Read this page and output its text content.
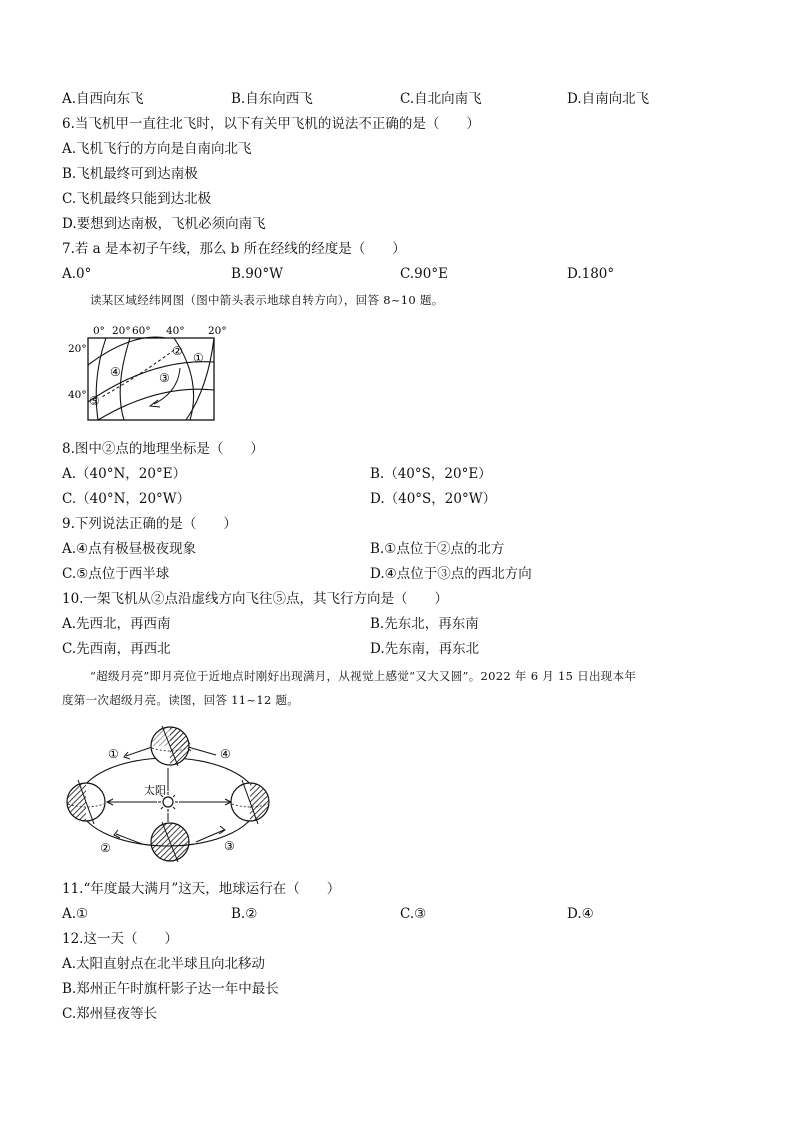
A.自西向东飞	B.自东向西飞	C.自北向南飞	D.自南向北飞
6.当飞机甲一直往北飞时，以下有关甲飞机的说法不正确的是（　　）
A.飞机飞行的方向是自南向北飞
B.飞机最终可到达南极
C.飞机最终只能到达北极
D.要想到达南极，飞机必须向南飞
7.若 a 是本初子午线，那么 b 所在经线的经度是（　　）
A.0°	B.90°W	C.90°E	D.180°
读某区域经纬网图（图中箭头表示地球自转方向），回答 8~10 题。
0° 20° 60° 40° 20°
20°
40°
② ①
④	③
⑤
8.图中②点的地理坐标是（　　）
A.（40°N，20°E）	B.（40°S，20°E）
C.（40°N，20°W）	D.（40°S，20°W）
9.下列说法正确的是（　　）
A.④点有极昼极夜现象	B.①点位于②点的北方
C.⑤点位于西半球	D.④点位于③点的西北方向
10.一架飞机从②点沿虚线方向飞往⑤点，其飞行方向是（　　）
A.先西北，再西南	B.先东北，再东南
C.先西南，再西北	D.先东南，再东北
“超级月亮”即月亮位于近地点时刚好出现满月，从视觉上感觉“又大又圆”。2022 年 6 月 15 日出现本年
度第一次超级月亮。读图，回答 11~12 题。
①	④
②	③
太阳
11.“年度最大满月”这天，地球运行在（　　）
A.①	B.②	C.③	D.④
12.这一天（　　）
A.太阳直射点在北半球且向北移动
B.郑州正午时旗杆影子达一年中最长
C.郑州昼夜等长
